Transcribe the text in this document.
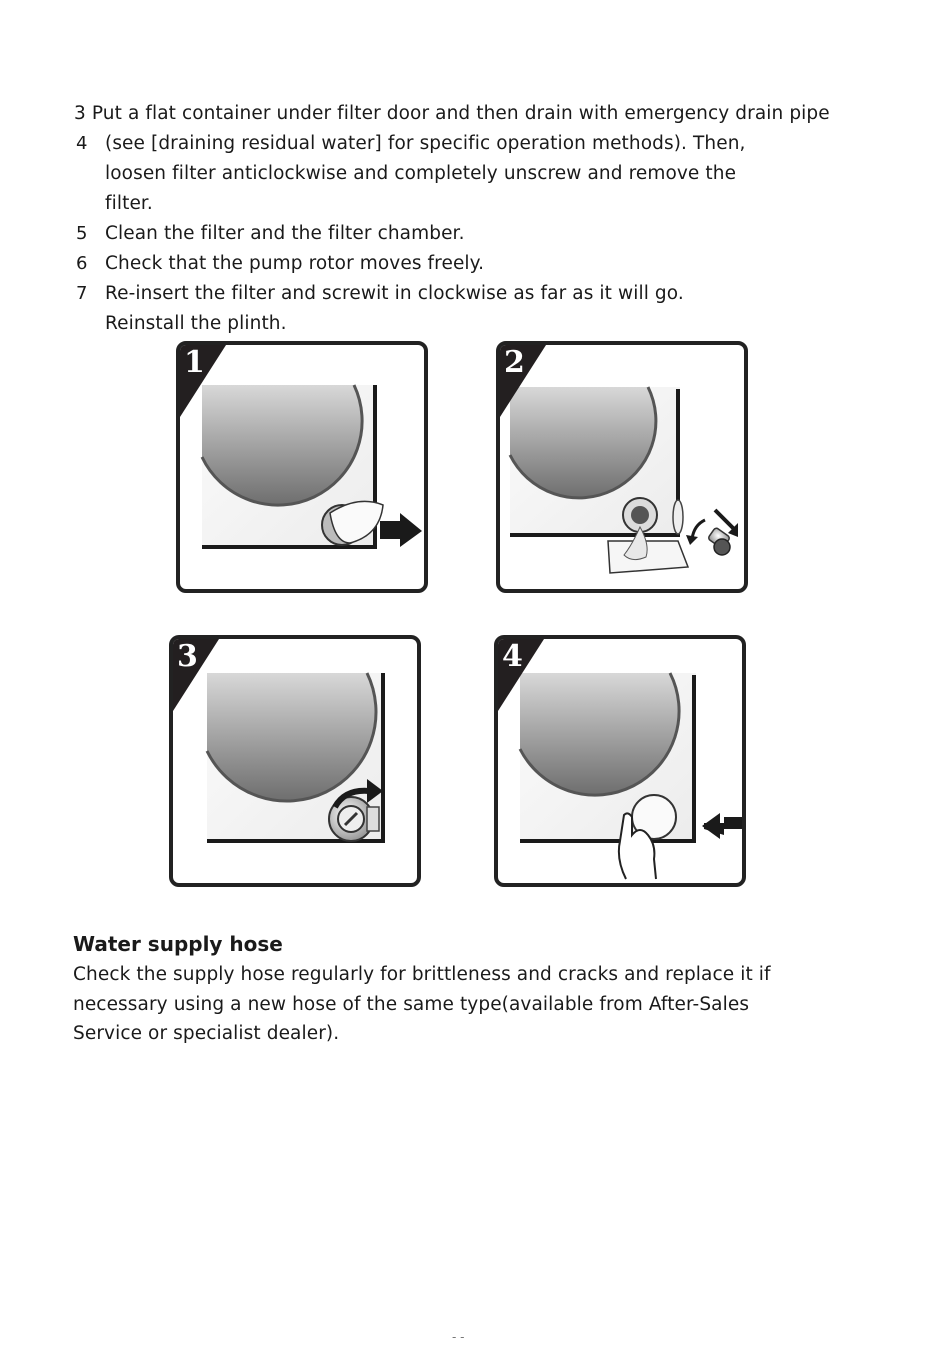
3 Put a flat container under filter door and then drain with emergency drain pipe
4 (see [draining residual water] for specific operation methods). Then,
loosen filter anticlockwise and completely unscrew and remove the
filter.
5 Clean the filter and the filter chamber.
6 Check that the pump rotor moves freely.
7 Re-insert the filter and screwit in clockwise as far as it will go.
Reinstall the plinth.
1	2
3	4
Water supply hose
Check the supply hose regularly for brittleness and cracks and replace it if
necessary using a new hose of the same type(available from After-Sales
Service or specialist dealer).
- -
